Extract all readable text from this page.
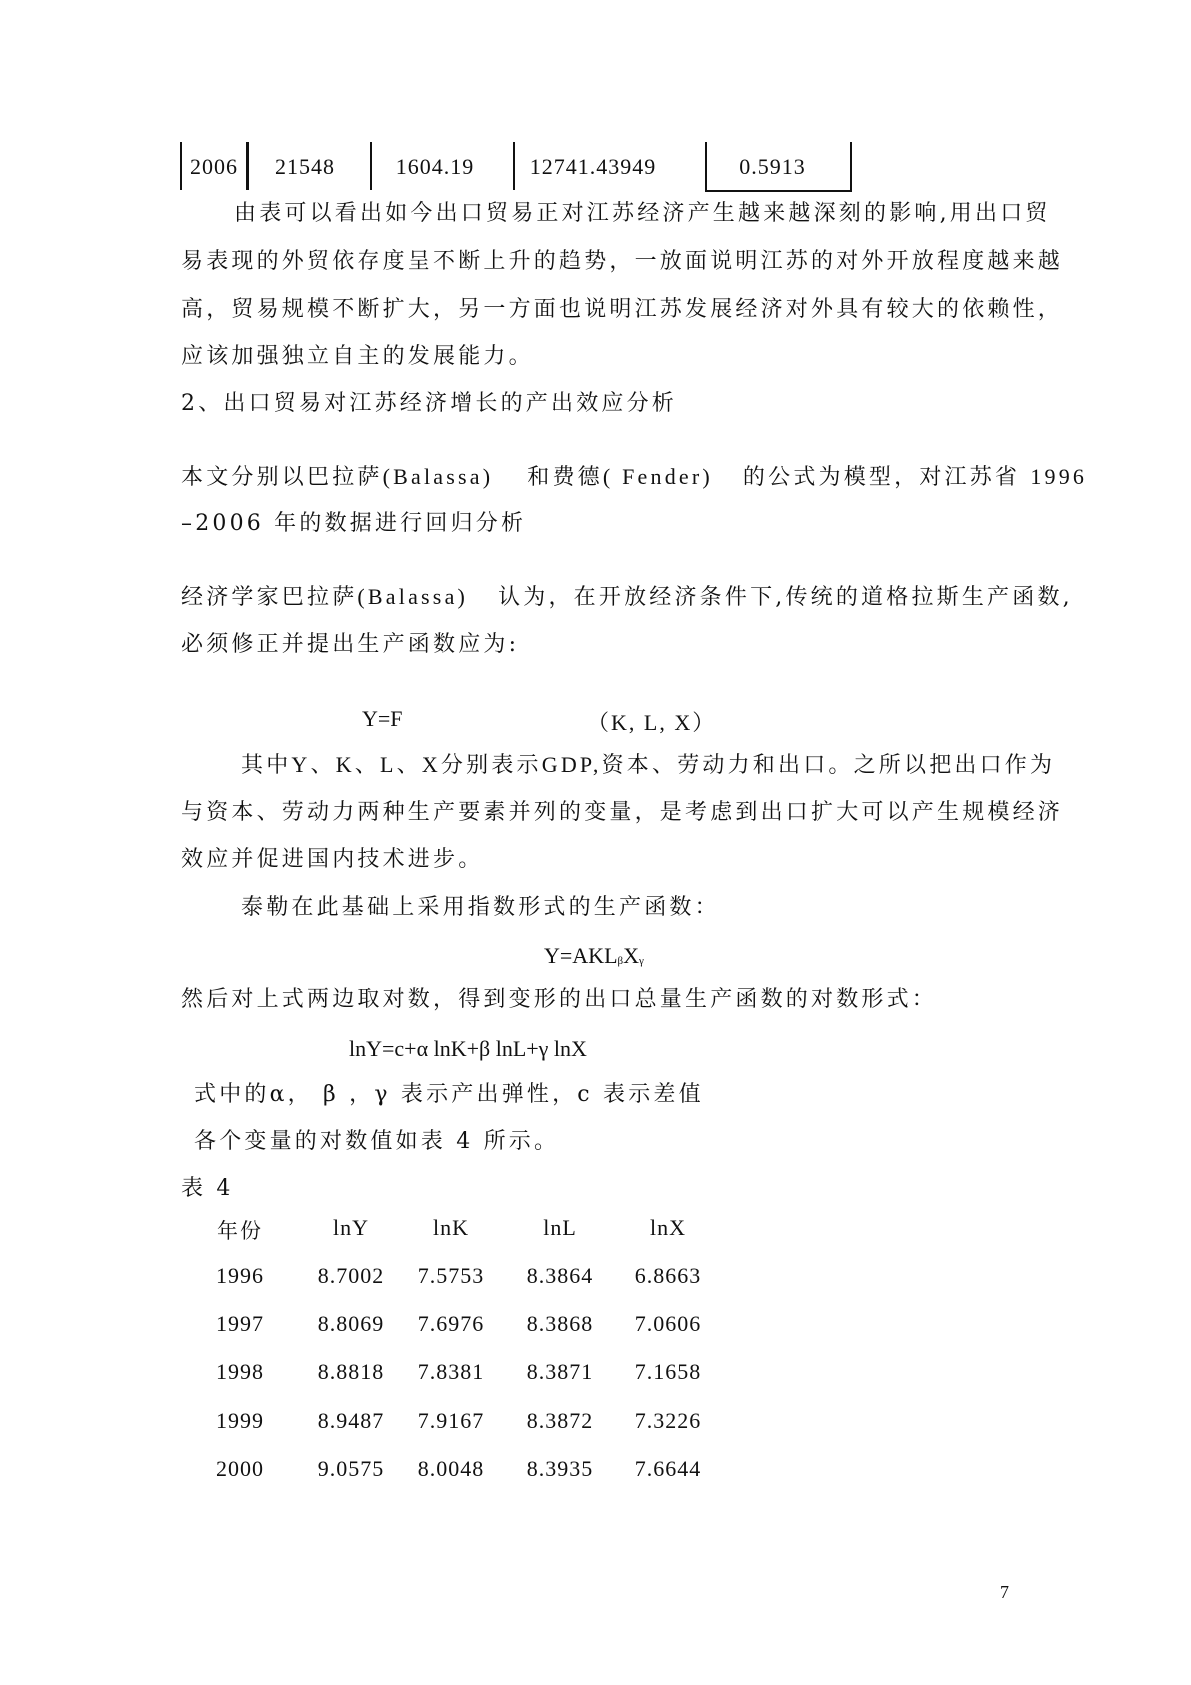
2006	21548	1604.19	12741.43949	0.5913
由表可以看出如今出口贸易正对江苏经济产生越来越深刻的影响,用出口贸
易表现的外贸依存度呈不断上升的趋势，一放面说明江苏的对外开放程度越来越
高，贸易规模不断扩大，另一方面也说明江苏发展经济对外具有较大的依赖性，
应该加强独立自主的发展能力。
2、出口贸易对江苏经济增长的产出效应分析
本文分别以巴拉萨(Balassa) 和费德( Fender) 的公式为模型，对江苏省 1996
–2006 年的数据进行回归分析
经济学家巴拉萨(Balassa) 认为，在开放经济条件下,传统的道格拉斯生产函数,
必须修正并提出生产函数应为:
Y=F	（K, L, X）
其中Y、K、L、X分别表示GDP,资本、劳动力和出口。之所以把出口作为
与资本、劳动力两种生产要素并列的变量，是考虑到出口扩大可以产生规模经济
效应并促进国内技术进步。
泰勒在此基础上采用指数形式的生产函数：
Y=AKLβXγ
然后对上式两边取对数，得到变形的出口总量生产函数的对数形式：
lnY=c+α lnK+β lnL+γ lnX
式中的α， β ，γ 表示产出弹性，c 表示差值
各个变量的对数值如表 4 所示。
表 4
年份	lnY	lnK	lnL	lnX
1996	8.7002	7.5753	8.3864	6.8663
1997	8.8069	7.6976	8.3868	7.0606
1998	8.8818	7.8381	8.3871	7.1658
1999	8.9487	7.9167	8.3872	7.3226
2000	9.0575	8.0048	8.3935	7.6644
7
